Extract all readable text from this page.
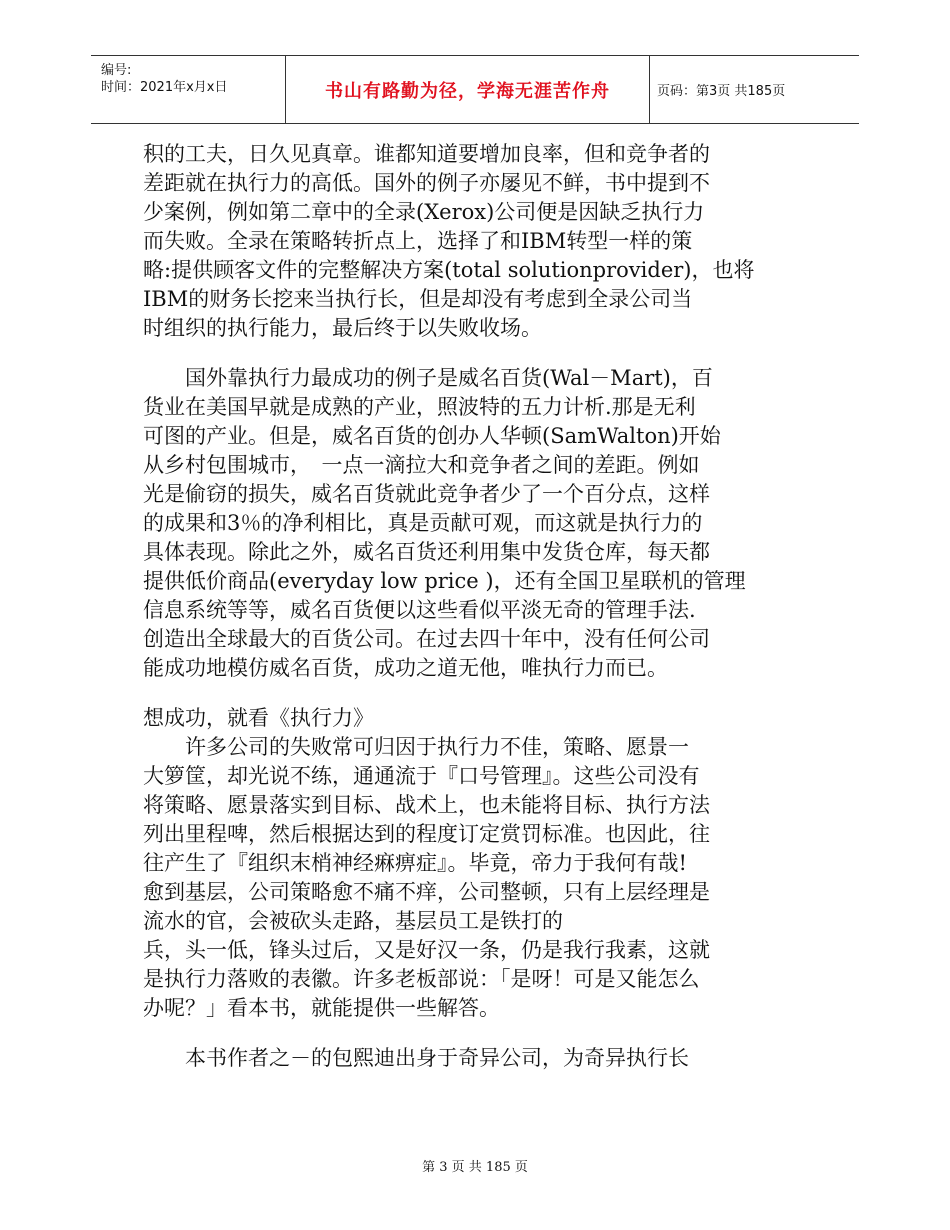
编号:
时间：2021年x月x日	书山有路勤为径，学海无涯苦作舟	页码：第3页 共185页
积的工夫，日久见真章。谁都知道要增加良率，但和竞争者的
差距就在执行力的高低。国外的例子亦屡见不鲜，书中提到不
少案例，例如第二章中的全录(Xerox)公司便是因缺乏执行力
而失败。全录在策略转折点上，选择了和IBM转型一样的策
略:提供顾客文件的完整解决方案(total solutionprovider)，也将
IBM的财务长挖来当执行长，但是却没有考虑到全录公司当
时组织的执行能力，最后终于以失败收场。
　　国外靠执行力最成功的例子是威名百货(Wal－Mart)，百
货业在美国早就是成熟的产业，照波特的五力计析.那是无利
可图的产业。但是，威名百货的创办人华顿(SamWalton)开始
从乡村包围城巿，　一点一滴拉大和竞争者之间的差距。例如
光是偷窃的损失，威名百货就此竞争者少了一个百分点，这样
的成果和3％的净利相比，真是贡献可观，而这就是执行力的
具体表现。除此之外，威名百货还利用集中发货仓库，每天都
提供低价商品(everyday low price )，还有全国卫星联机的管理
信息系统等等，威名百货便以这些看似平淡无奇的管理手法.
创造出全球最大的百货公司。在过去四十年中，没有任何公司
能成功地模仿威名百货，成功之道无他，唯执行力而已。
想成功，就看《执行力》
　　许多公司的失败常可归因于执行力不佳，策略、愿景一
大箩筐，却光说不练，通通流于『口号管理』。这些公司没有
将策略、愿景落实到目标、战术上，也未能将目标、执行方法
列出里程啤，然后根据达到的程度订定赏罚标准。也因此，往
往产生了『组织末梢神经痳痹症』。毕竟，帝力于我何有哉!
愈到基层，公司策略愈不痛不痒，公司整顿，只有上层经理是
流水的官，会被砍头走路，基层员工是铁打的
兵，头一低，锋头过后，又是好汉一条，仍是我行我素，这就
是执行力落败的表徽。许多老板部说：「是呀！可是又能怎么
办呢？」看本书，就能提供一些解答。
　　本书作者之－的包熙迪出身于奇异公司，为奇异执行长
第 3 页 共 185 页
